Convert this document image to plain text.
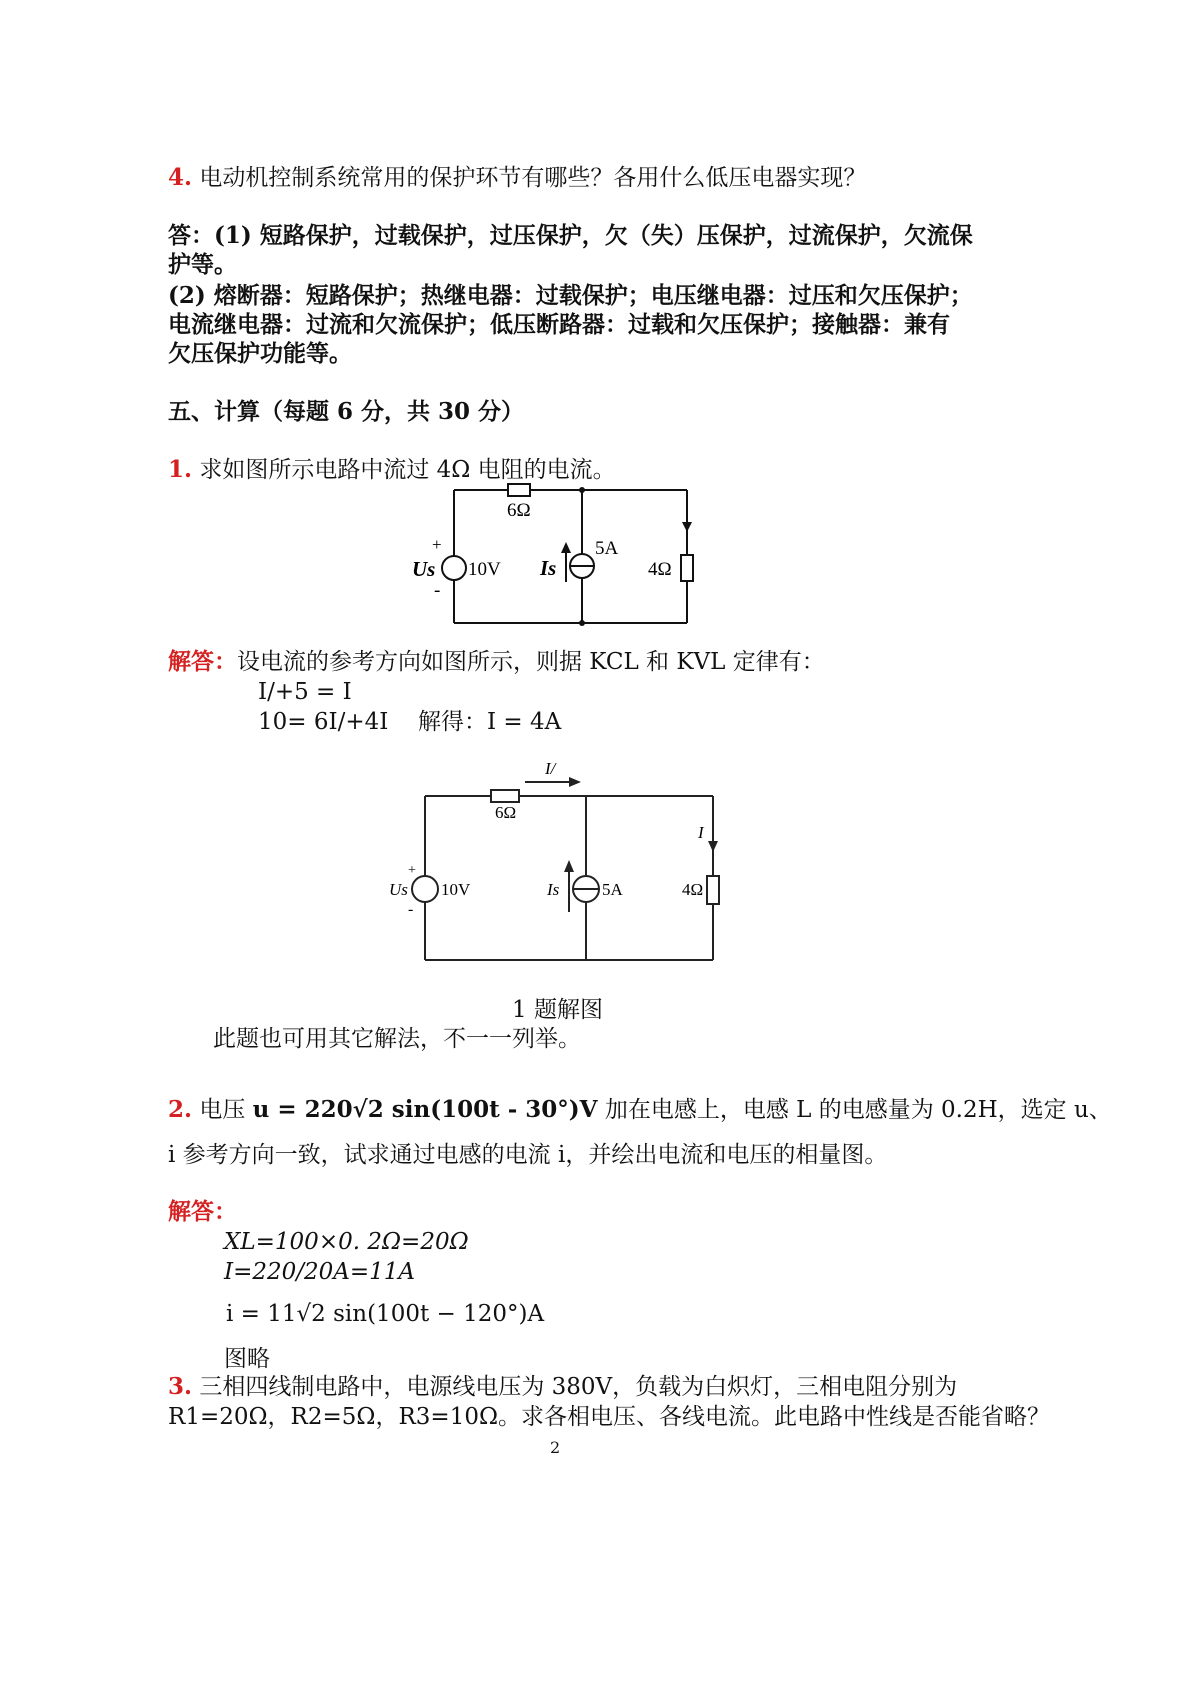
4. 电动机控制系统常用的保护环节有哪些？各用什么低压电器实现？
答：(1) 短路保护，过载保护，过压保护，欠（失）压保护，过流保护，欠流保
护等。
(2) 熔断器：短路保护；热继电器：过载保护；电压继电器：过压和欠压保护；
电流继电器：过流和欠流保护；低压断路器：过载和欠压保护；接触器：兼有
欠压保护功能等。
五、计算（每题 6 分，共 30 分）
1. 求如图所示电路中流过 4Ω 电阻的电流。
6Ω
+
-
Us 10V Is
5A
4Ω
解答：设电流的参考方向如图所示，则据 KCL 和 KVL 定律有：
I/+5 = I
10= 6I/+4I 解得：I = 4A
I/
6Ω
I
+
-
Us 10V	Is	5A	4Ω
1 题解图
此题也可用其它解法，不一一列举。
2. 电压 u = 220√2 sin(100t - 30°)V 加在电感上，电感 L 的电感量为 0.2H，选定 u、
i 参考方向一致，试求通过电感的电流 i，并绘出电流和电压的相量图。
解答：
XL=100×0. 2Ω=20Ω
I=220/20A=11A
i = 11√2 sin(100t − 120°)A
图略
3. 三相四线制电路中，电源线电压为 380V，负载为白炽灯，三相电阻分别为
R1=20Ω，R2=5Ω，R3=10Ω。求各相电压、各线电流。此电路中性线是否能省略？
2
